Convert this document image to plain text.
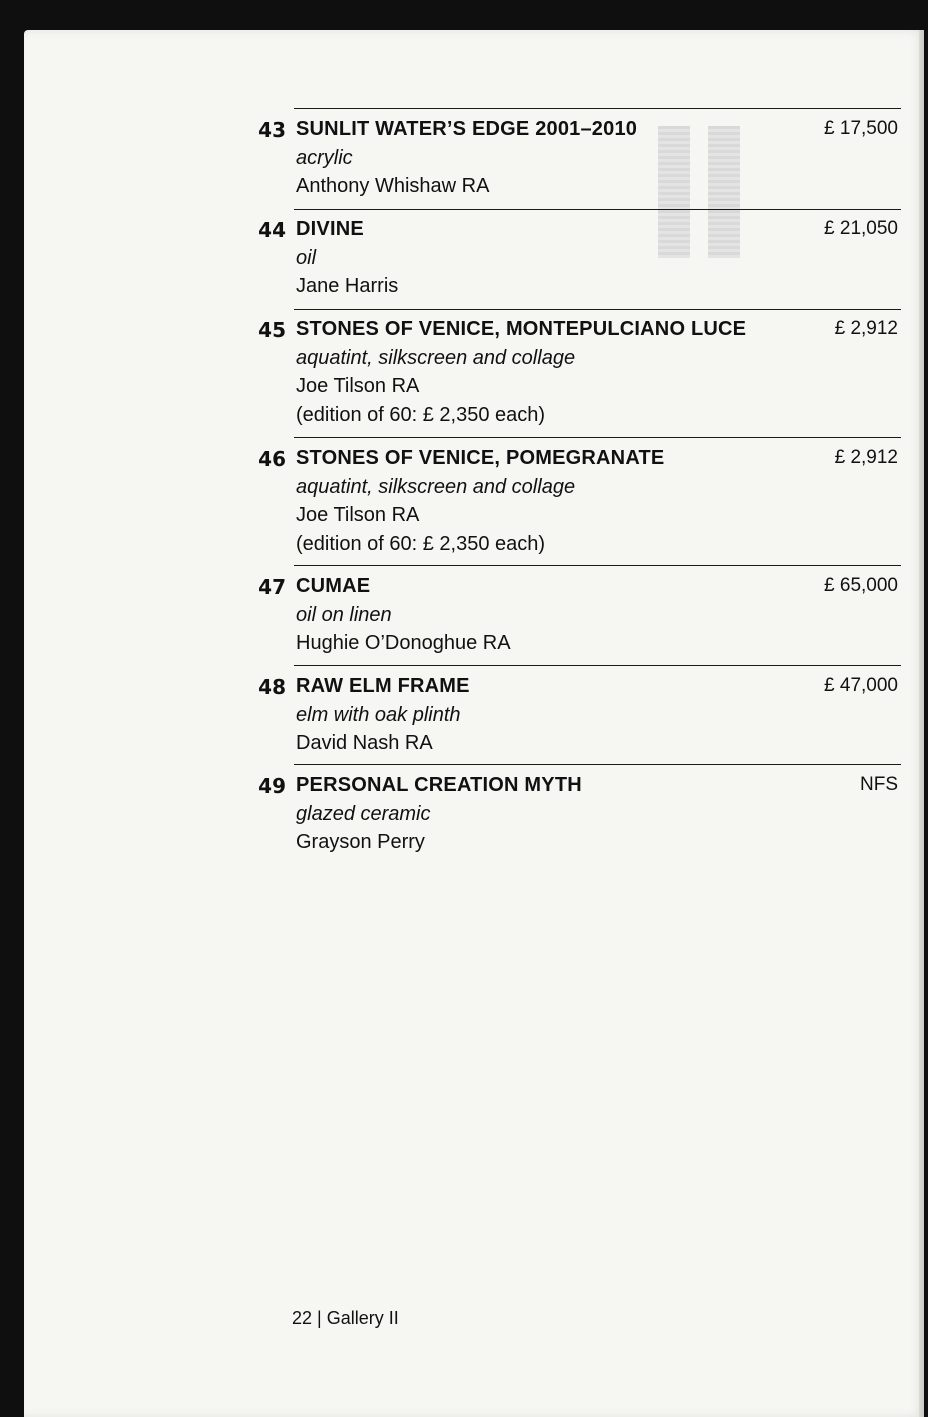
43 SUNLIT WATER’S EDGE 2001–2010
acrylic
Anthony Whishaw RA
£ 17,500
44 DIVINE
oil
Jane Harris
£ 21,050
45 STONES OF VENICE, MONTEPULCIANO LUCE
aquatint, silkscreen and collage
Joe Tilson RA
(edition of 60: £ 2,350 each)
£ 2,912
46 STONES OF VENICE, POMEGRANATE
aquatint, silkscreen and collage
Joe Tilson RA
(edition of 60: £ 2,350 each)
£ 2,912
47 CUMAE
oil on linen
Hughie O’Donoghue RA
£ 65,000
48 RAW ELM FRAME
elm with oak plinth
David Nash RA
£ 47,000
49 PERSONAL CREATION MYTH
glazed ceramic
Grayson Perry
NFS
22 | Gallery II
